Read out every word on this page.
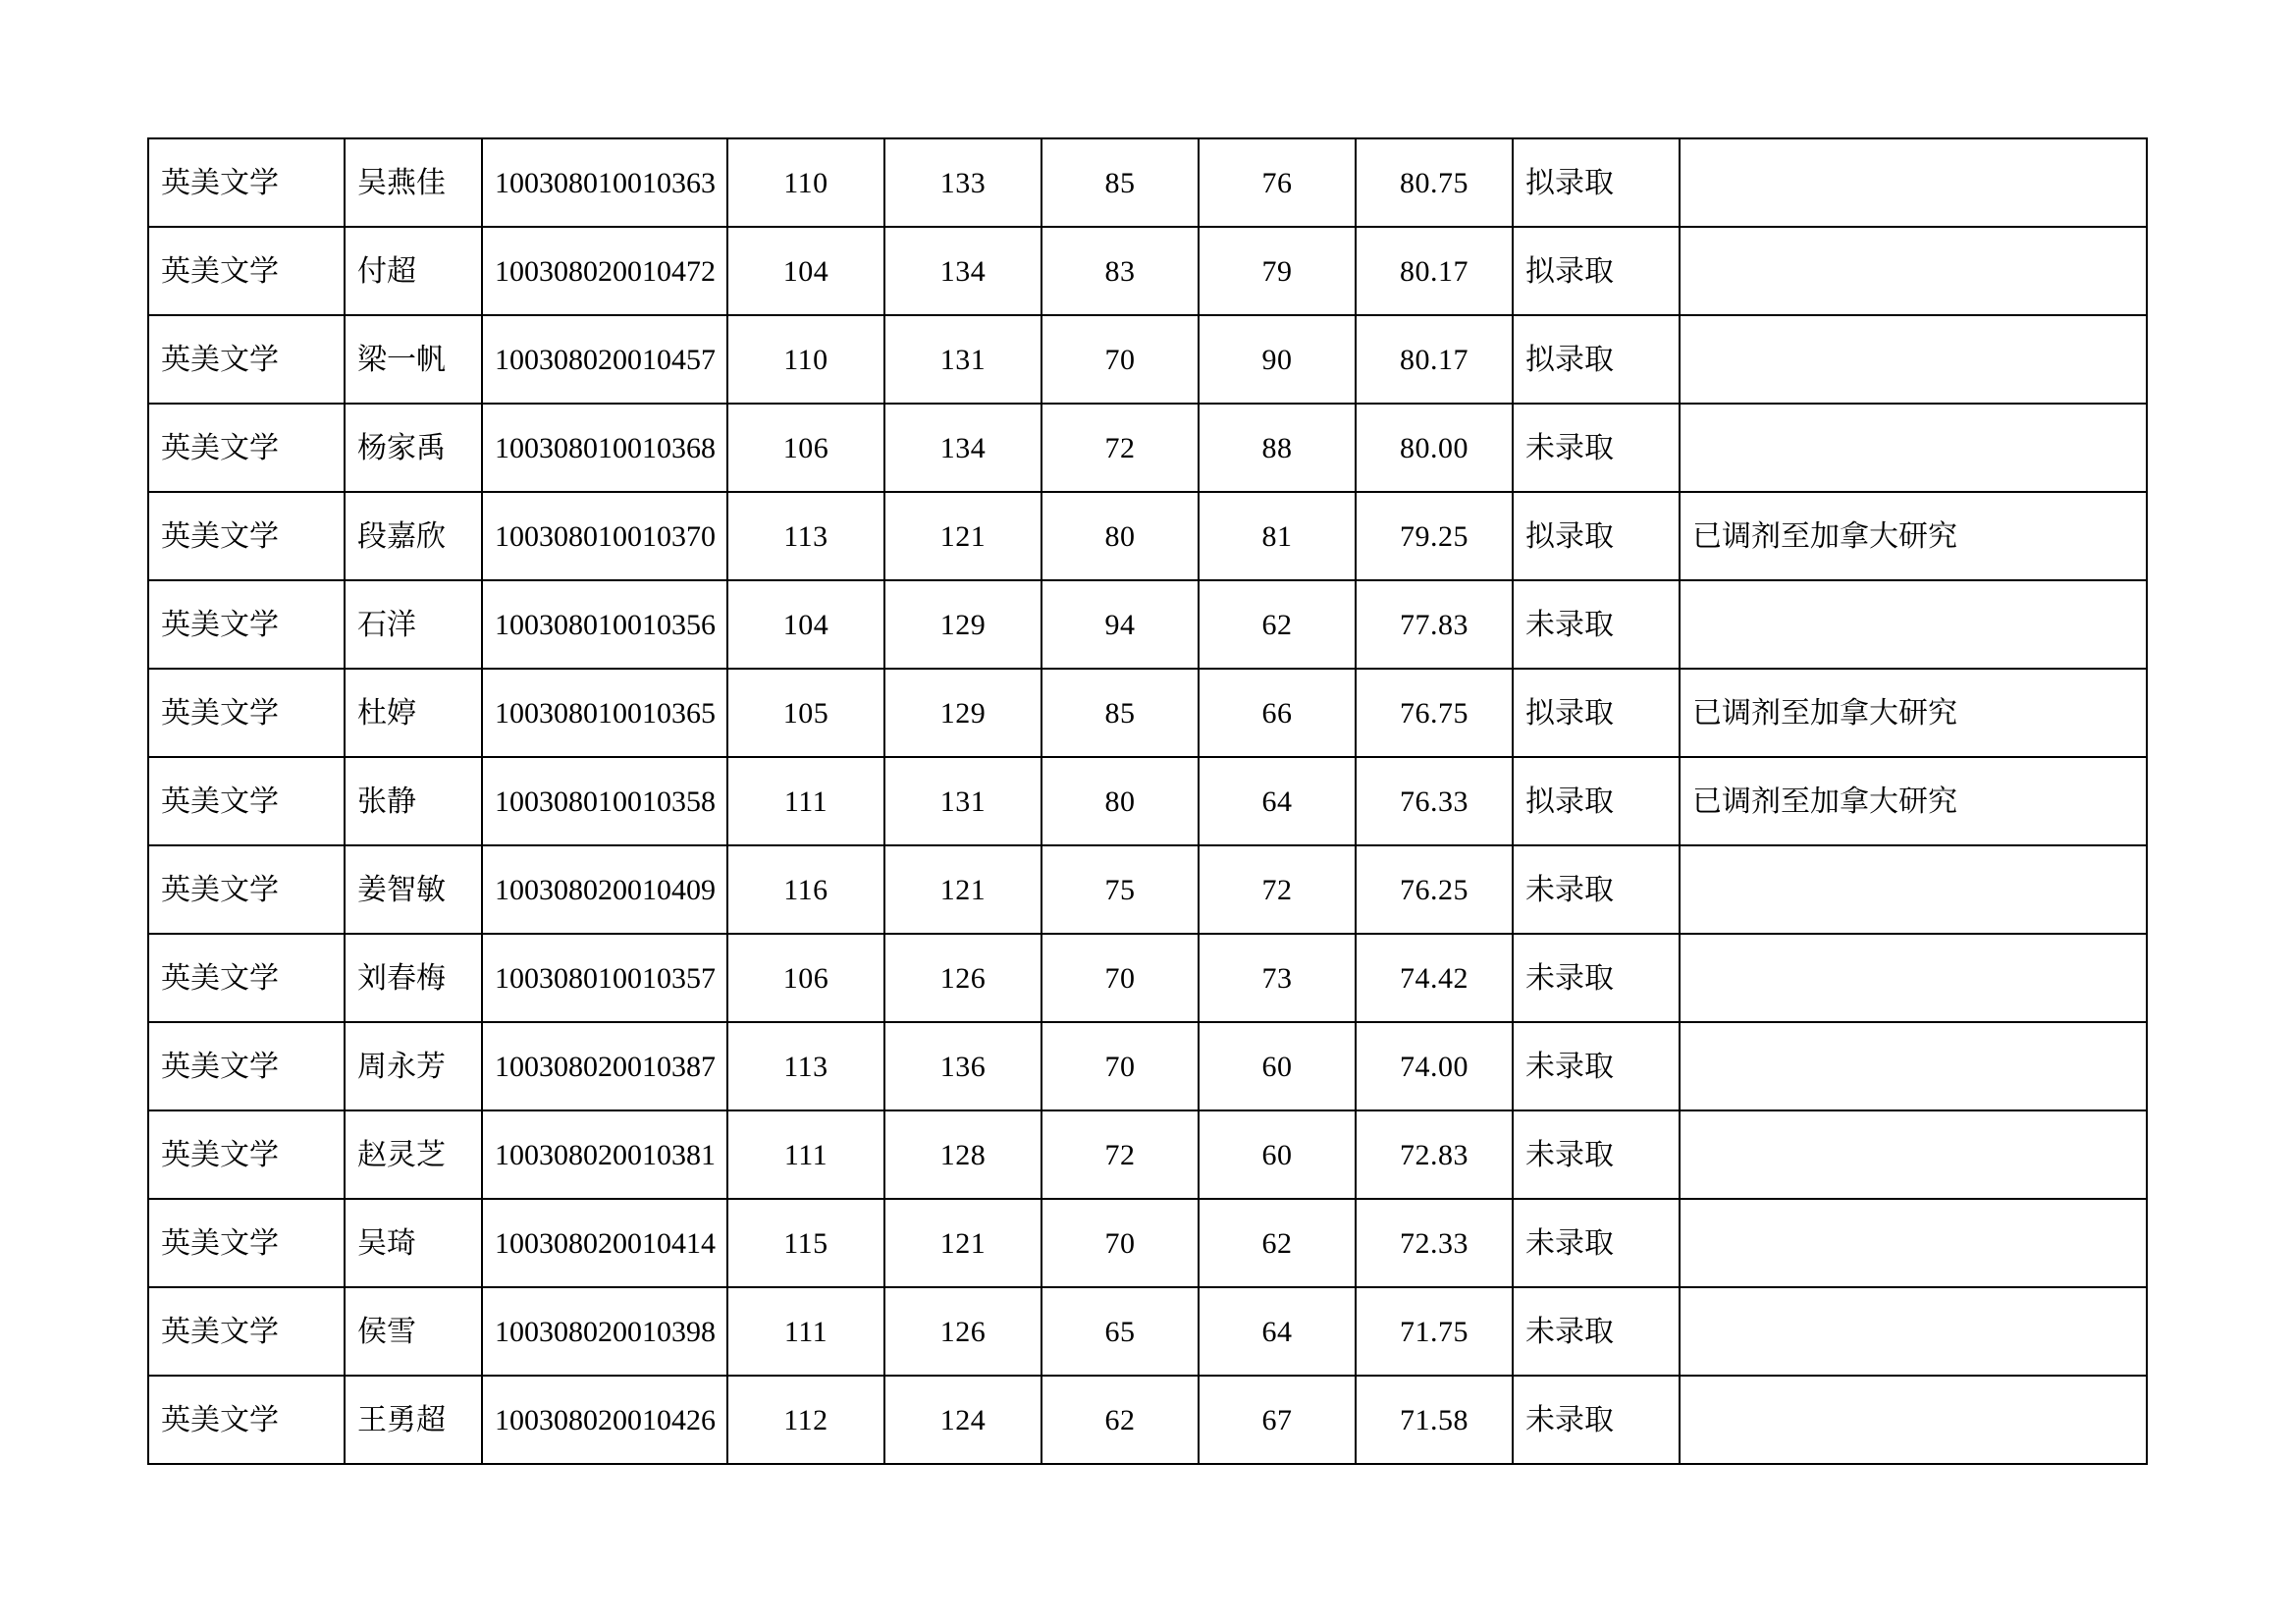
英美文学	吴燕佳	100308010010363	110	133	85	76	80.75	拟录取	
英美文学	付超	100308020010472	104	134	83	79	80.17	拟录取	
英美文学	梁一帆	100308020010457	110	131	70	90	80.17	拟录取	
英美文学	杨家禹	100308010010368	106	134	72	88	80.00	未录取	
英美文学	段嘉欣	100308010010370	113	121	80	81	79.25	拟录取	已调剂至加拿大研究
英美文学	石洋	100308010010356	104	129	94	62	77.83	未录取	
英美文学	杜婷	100308010010365	105	129	85	66	76.75	拟录取	已调剂至加拿大研究
英美文学	张静	100308010010358	111	131	80	64	76.33	拟录取	已调剂至加拿大研究
英美文学	姜智敏	100308020010409	116	121	75	72	76.25	未录取	
英美文学	刘春梅	100308010010357	106	126	70	73	74.42	未录取	
英美文学	周永芳	100308020010387	113	136	70	60	74.00	未录取	
英美文学	赵灵芝	100308020010381	111	128	72	60	72.83	未录取	
英美文学	吴琦	100308020010414	115	121	70	62	72.33	未录取	
英美文学	侯雪	100308020010398	111	126	65	64	71.75	未录取	
英美文学	王勇超	100308020010426	112	124	62	67	71.58	未录取	
